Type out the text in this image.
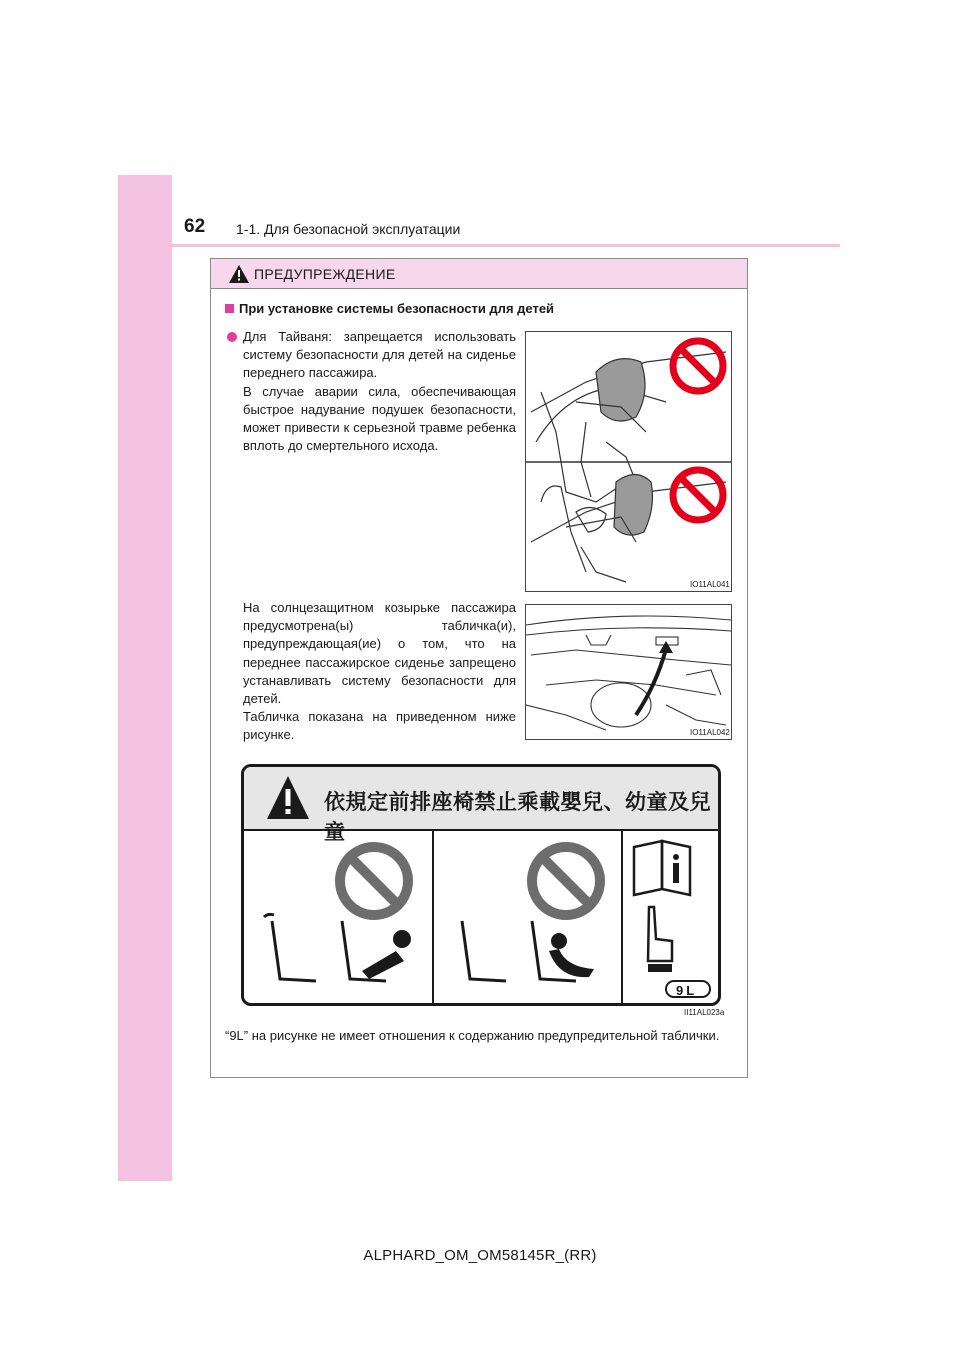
62 1-1. Для безопасной эксплуатации
ПРЕДУПРЕЖДЕНИЕ
При установке системы безопасности для детей

Для Тайваня: запрещается использовать систему безопасности для детей на сиденье переднего пассажира.

В случае аварии сила, обеспечивающая быстрое надувание подушек безопасности, может привести к серьезной травме ребенка вплоть до смертельного исхода.

IO11AL041

На солнцезащитном козырьке пассажира предусмотрена(ы) табличка(и), предупреждающая(ие) о том, что на переднее пассажирское сиденье запрещено устанавливать систему безопасности для детей.

Табличка показана на приведенном ниже рисунке.	IO11AL042
依規定前排座椅禁止乘載嬰兒、幼童及兒童
9L
II11AL023a
“9L” на рисунке не имеет отношения к содержанию предупредительной таблички.
ALPHARD_OM_OM58145R_(RR)
